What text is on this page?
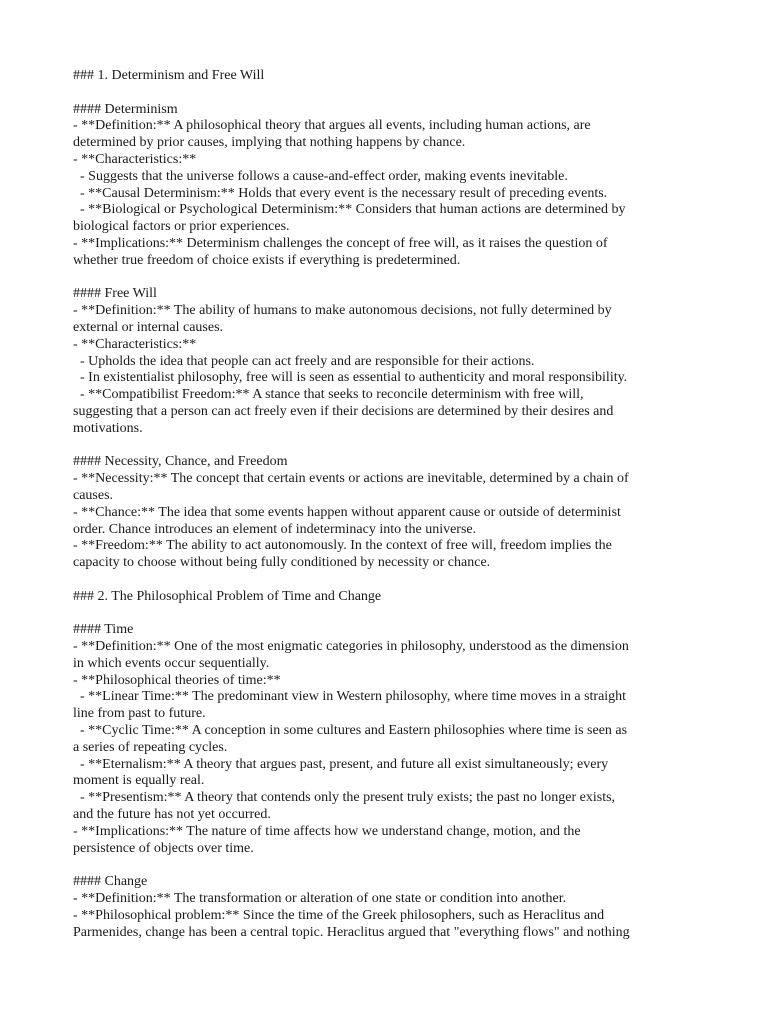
### 1. Determinism and Free Will
#### Determinism
- **Definition:** A philosophical theory that argues all events, including human actions, are
determined by prior causes, implying that nothing happens by chance.
- **Characteristics:**
- Suggests that the universe follows a cause-and-effect order, making events inevitable.
- **Causal Determinism:** Holds that every event is the necessary result of preceding events.
- **Biological or Psychological Determinism:** Considers that human actions are determined by
biological factors or prior experiences.
- **Implications:** Determinism challenges the concept of free will, as it raises the question of
whether true freedom of choice exists if everything is predetermined.
#### Free Will
- **Definition:** The ability of humans to make autonomous decisions, not fully determined by
external or internal causes.
- **Characteristics:**
- Upholds the idea that people can act freely and are responsible for their actions.
- In existentialist philosophy, free will is seen as essential to authenticity and moral responsibility.
- **Compatibilist Freedom:** A stance that seeks to reconcile determinism with free will,
suggesting that a person can act freely even if their decisions are determined by their desires and
motivations.
#### Necessity, Chance, and Freedom
- **Necessity:** The concept that certain events or actions are inevitable, determined by a chain of
causes.
- **Chance:** The idea that some events happen without apparent cause or outside of determinist
order. Chance introduces an element of indeterminacy into the universe.
- **Freedom:** The ability to act autonomously. In the context of free will, freedom implies the
capacity to choose without being fully conditioned by necessity or chance.
### 2. The Philosophical Problem of Time and Change
#### Time
- **Definition:** One of the most enigmatic categories in philosophy, understood as the dimension
in which events occur sequentially.
- **Philosophical theories of time:**
- **Linear Time:** The predominant view in Western philosophy, where time moves in a straight
line from past to future.
- **Cyclic Time:** A conception in some cultures and Eastern philosophies where time is seen as
a series of repeating cycles.
- **Eternalism:** A theory that argues past, present, and future all exist simultaneously; every
moment is equally real.
- **Presentism:** A theory that contends only the present truly exists; the past no longer exists,
and the future has not yet occurred.
- **Implications:** The nature of time affects how we understand change, motion, and the
persistence of objects over time.
#### Change
- **Definition:** The transformation or alteration of one state or condition into another.
- **Philosophical problem:** Since the time of the Greek philosophers, such as Heraclitus and
Parmenides, change has been a central topic. Heraclitus argued that "everything flows" and nothing
